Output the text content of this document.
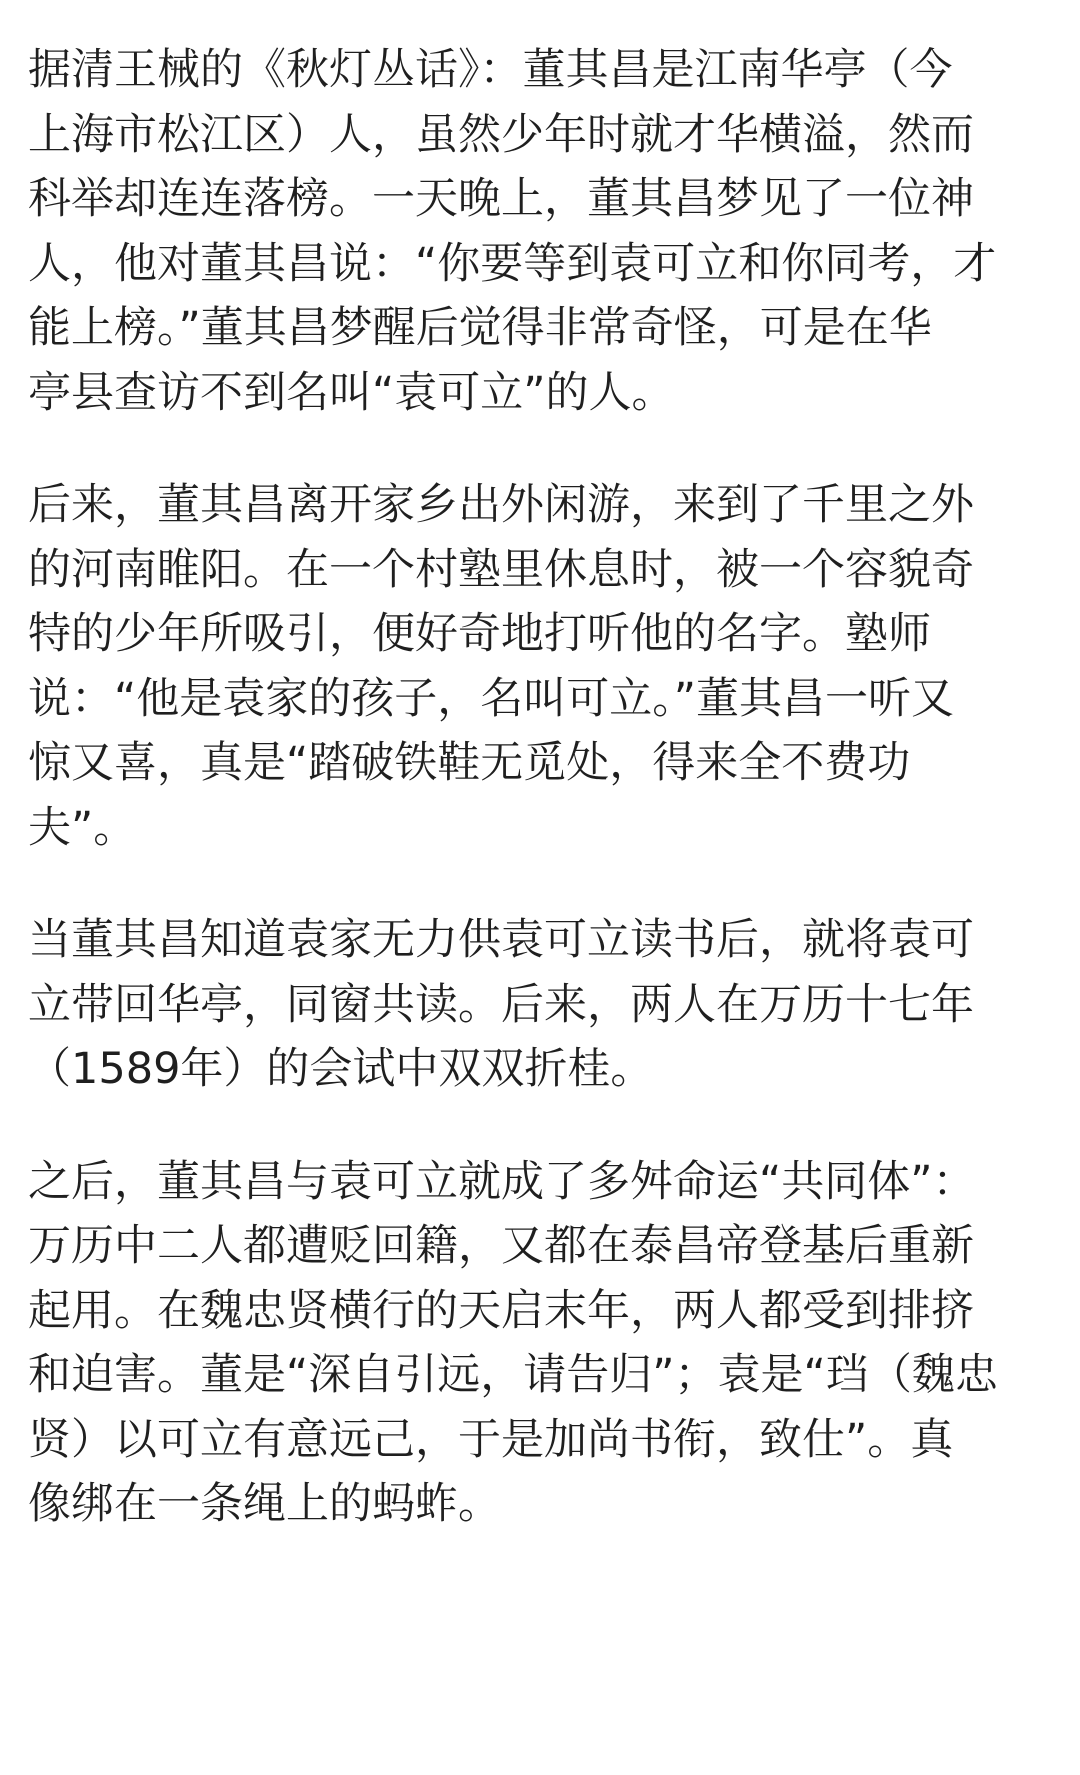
据清王械的《秋灯丛话》：董其昌是江南华亭（今
上海市松江区）人，虽然少年时就才华横溢，然而
科举却连连落榜。一天晚上，董其昌梦见了一位神
人，他对董其昌说：“你要等到袁可立和你同考，才
能上榜。”董其昌梦醒后觉得非常奇怪，可是在华
亭县查访不到名叫“袁可立”的人。

后来，董其昌离开家乡出外闲游，来到了千里之外
的河南睢阳。在一个村塾里休息时，被一个容貌奇
特的少年所吸引，便好奇地打听他的名字。塾师
说：“他是袁家的孩子，名叫可立。”董其昌一听又
惊又喜，真是“踏破铁鞋无觅处，得来全不费功
夫”。

当董其昌知道袁家无力供袁可立读书后，就将袁可
立带回华亭，同窗共读。后来，两人在万历十七年
（1589年）的会试中双双折桂。

之后，董其昌与袁可立就成了多舛命运“共同体”：
万历中二人都遭贬回籍，又都在泰昌帝登基后重新
起用。在魏忠贤横行的天启末年，两人都受到排挤
和迫害。董是“深自引远，请告归”；袁是“珰（魏忠
贤）以可立有意远己，于是加尚书衔，致仕”。真
像绑在一条绳上的蚂蚱。
